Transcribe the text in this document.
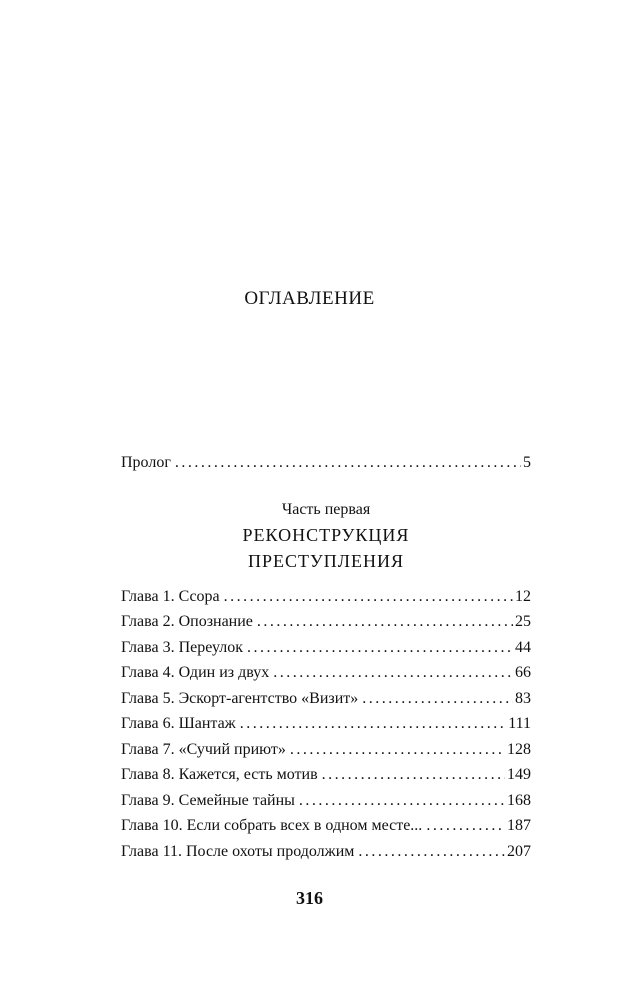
ОГЛАВЛЕНИЕ
Пролог . . .	5
Часть первая
РЕКОНСТРУКЦИЯ
ПРЕСТУПЛЕНИЯ
Глава 1. Ссора . . .	12
Глава 2. Опознание . . .	25
Глава 3. Переулок . . .	44
Глава 4. Один из двух . . .	66
Глава 5. Эскорт-агентство «Визит» . . .	83
Глава 6. Шантаж . . .	111
Глава 7. «Сучий приют» . . .	128
Глава 8. Кажется, есть мотив . . .	149
Глава 9. Семейные тайны . . .	168
Глава 10. Если собрать всех в одном месте... . . .	187
Глава 11. После охоты продолжим . . .	207
316
